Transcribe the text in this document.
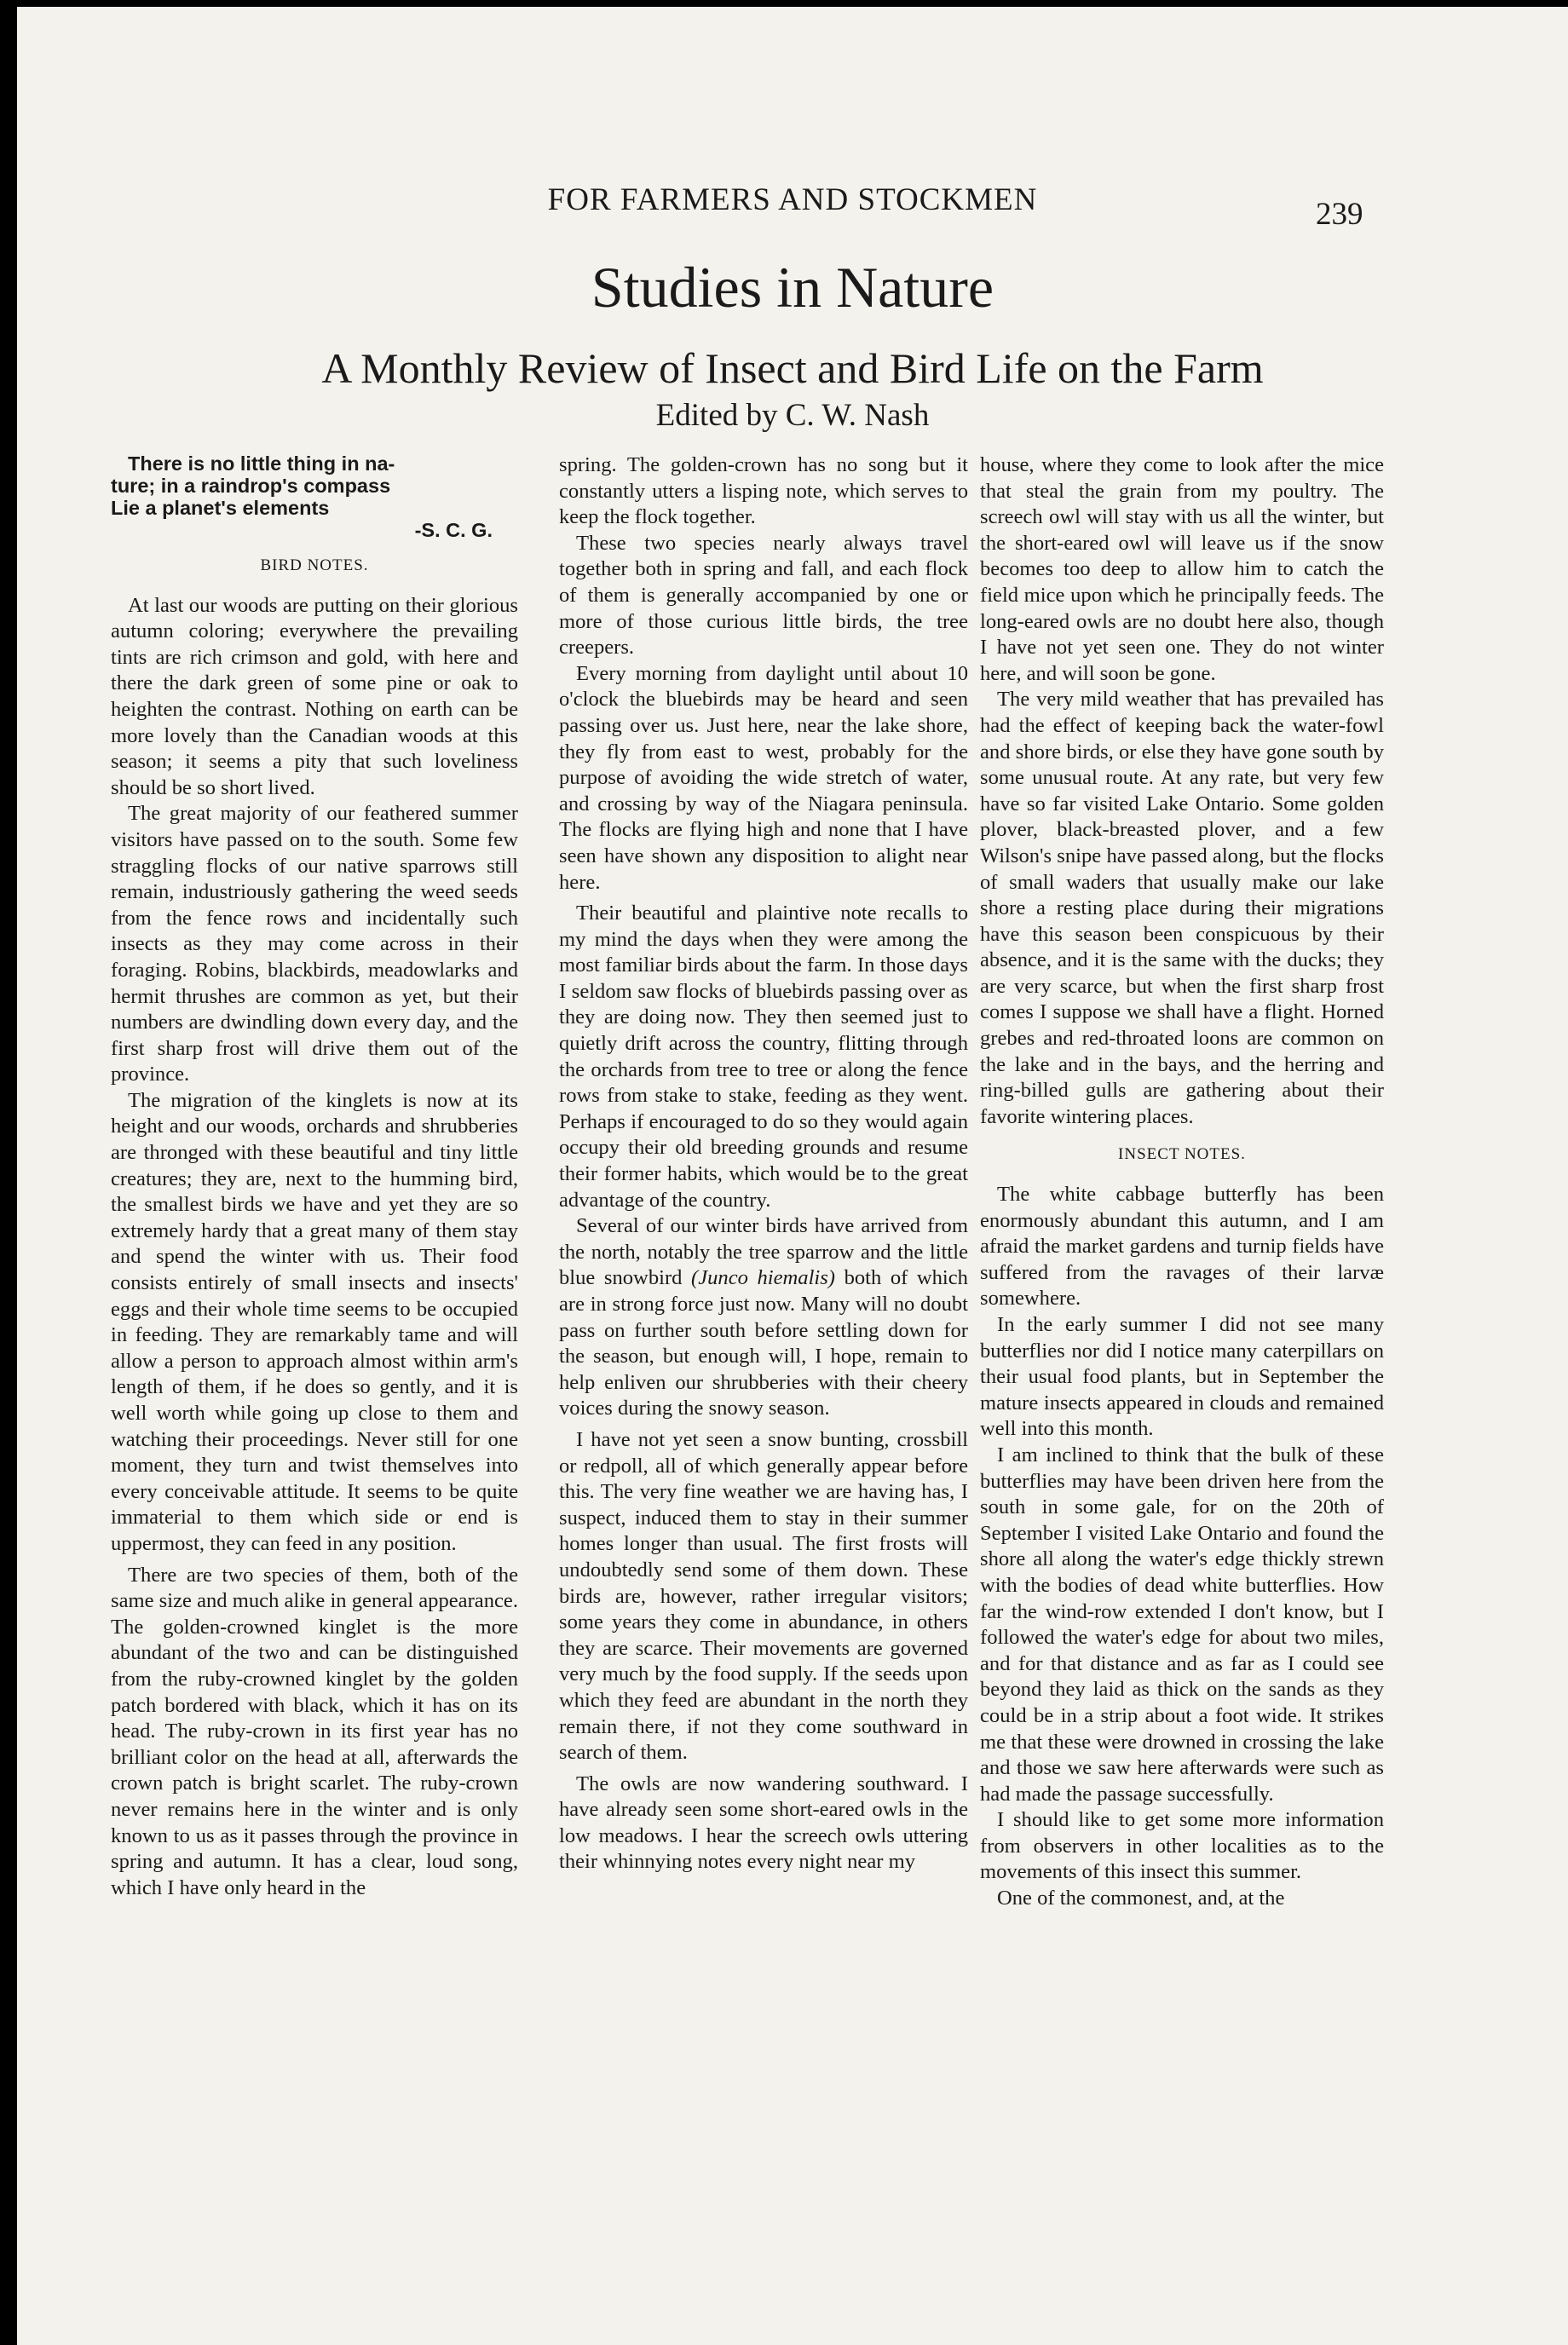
FOR FARMERS AND STOCKMEN	239
Studies in Nature
A Monthly Review of Insect and Bird Life on the Farm
Edited by C. W. Nash

There is no little thing in na-
ture; in a raindrop's compass
Lie a planet's elements

-S. C. G.
BIRD NOTES.

At last our woods are putting on their glorious autumn coloring; everywhere the prevailing tints are rich crimson and gold, with here and there the dark green of some pine or oak to heighten the contrast. Nothing on earth can be more lovely than the Canadian woods at this season; it seems a pity that such loveliness should be so short lived.

The great majority of our feathered summer visitors have passed on to the south. Some few straggling flocks of our native sparrows still remain, industriously gathering the weed seeds from the fence rows and incidentally such insects as they may come across in their foraging. Robins, blackbirds, meadowlarks and hermit thrushes are common as yet, but their numbers are dwindling down every day, and the first sharp frost will drive them out of the province.

The migration of the kinglets is now at its height and our woods, orchards and shrubberies are thronged with these beautiful and tiny little creatures; they are, next to the humming bird, the smallest birds we have and yet they are so extremely hardy that a great many of them stay and spend the winter with us. Their food consists entirely of small insects and insects' eggs and their whole time seems to be occupied in feeding. They are remarkably tame and will allow a person to approach almost within arm's length of them, if he does so gently, and it is well worth while going up close to them and watching their proceedings. Never still for one moment, they turn and twist themselves into every conceivable attitude. It seems to be quite immaterial to them which side or end is uppermost, they can feed in any position.

There are two species of them, both of the same size and much alike in general appearance. The golden-crowned kinglet is the more abundant of the two and can be distinguished from the ruby-crowned kinglet by the golden patch bordered with black, which it has on its head. The ruby-crown in its first year has no brilliant color on the head at all, afterwards the crown patch is bright scarlet. The ruby-crown never remains here in the winter and is only known to us as it passes through the province in spring and autumn. It has a clear, loud song, which I have only heard in the

spring. The golden-crown has no song but it constantly utters a lisping note, which serves to keep the flock together.

These two species nearly always travel together both in spring and fall, and each flock of them is generally accompanied by one or more of those curious little birds, the tree creepers.

Every morning from daylight until about 10 o'clock the bluebirds may be heard and seen passing over us. Just here, near the lake shore, they fly from east to west, probably for the purpose of avoiding the wide stretch of water, and crossing by way of the Niagara peninsula. The flocks are flying high and none that I have seen have shown any disposition to alight near here.

Their beautiful and plaintive note recalls to my mind the days when they were among the most familiar birds about the farm. In those days I seldom saw flocks of bluebirds passing over as they are doing now. They then seemed just to quietly drift across the country, flitting through the orchards from tree to tree or along the fence rows from stake to stake, feeding as they went. Perhaps if encouraged to do so they would again occupy their old breeding grounds and resume their former habits, which would be to the great advantage of the country.

Several of our winter birds have arrived from the north, notably the tree sparrow and the little blue snowbird (Junco hiemalis) both of which are in strong force just now. Many will no doubt pass on further south before settling down for the season, but enough will, I hope, remain to help enliven our shrubberies with their cheery voices during the snowy season.

I have not yet seen a snow bunting, crossbill or redpoll, all of which generally appear before this. The very fine weather we are having has, I suspect, induced them to stay in their summer homes longer than usual. The first frosts will undoubtedly send some of them down. These birds are, however, rather irregular visitors; some years they come in abundance, in others they are scarce. Their movements are governed very much by the food supply. If the seeds upon which they feed are abundant in the north they remain there, if not they come southward in search of them.

The owls are now wandering southward. I have already seen some short-eared owls in the low meadows. I hear the screech owls uttering their whinnying notes every night near my

house, where they come to look after the mice that steal the grain from my poultry. The screech owl will stay with us all the winter, but the short-eared owl will leave us if the snow becomes too deep to allow him to catch the field mice upon which he principally feeds. The long-eared owls are no doubt here also, though I have not yet seen one. They do not winter here, and will soon be gone.

The very mild weather that has prevailed has had the effect of keeping back the water-fowl and shore birds, or else they have gone south by some unusual route. At any rate, but very few have so far visited Lake Ontario. Some golden plover, black-breasted plover, and a few Wilson's snipe have passed along, but the flocks of small waders that usually make our lake shore a resting place during their migrations have this season been conspicuous by their absence, and it is the same with the ducks; they are very scarce, but when the first sharp frost comes I suppose we shall have a flight. Horned grebes and red-throated loons are common on the lake and in the bays, and the herring and ring-billed gulls are gathering about their favorite wintering places.

INSECT NOTES.

The white cabbage butterfly has been enormously abundant this autumn, and I am afraid the market gardens and turnip fields have suffered from the ravages of their larvæ somewhere.

In the early summer I did not see many butterflies nor did I notice many caterpillars on their usual food plants, but in September the mature insects appeared in clouds and remained well into this month.

I am inclined to think that the bulk of these butterflies may have been driven here from the south in some gale, for on the 20th of September I visited Lake Ontario and found the shore all along the water's edge thickly strewn with the bodies of dead white butterflies. How far the wind-row extended I don't know, but I followed the water's edge for about two miles, and for that distance and as far as I could see beyond they laid as thick on the sands as they could be in a strip about a foot wide. It strikes me that these were drowned in crossing the lake and those we saw here afterwards were such as had made the passage successfully.

I should like to get some more information from observers in other localities as to the movements of this insect this summer.

One of the commonest, and, at the
